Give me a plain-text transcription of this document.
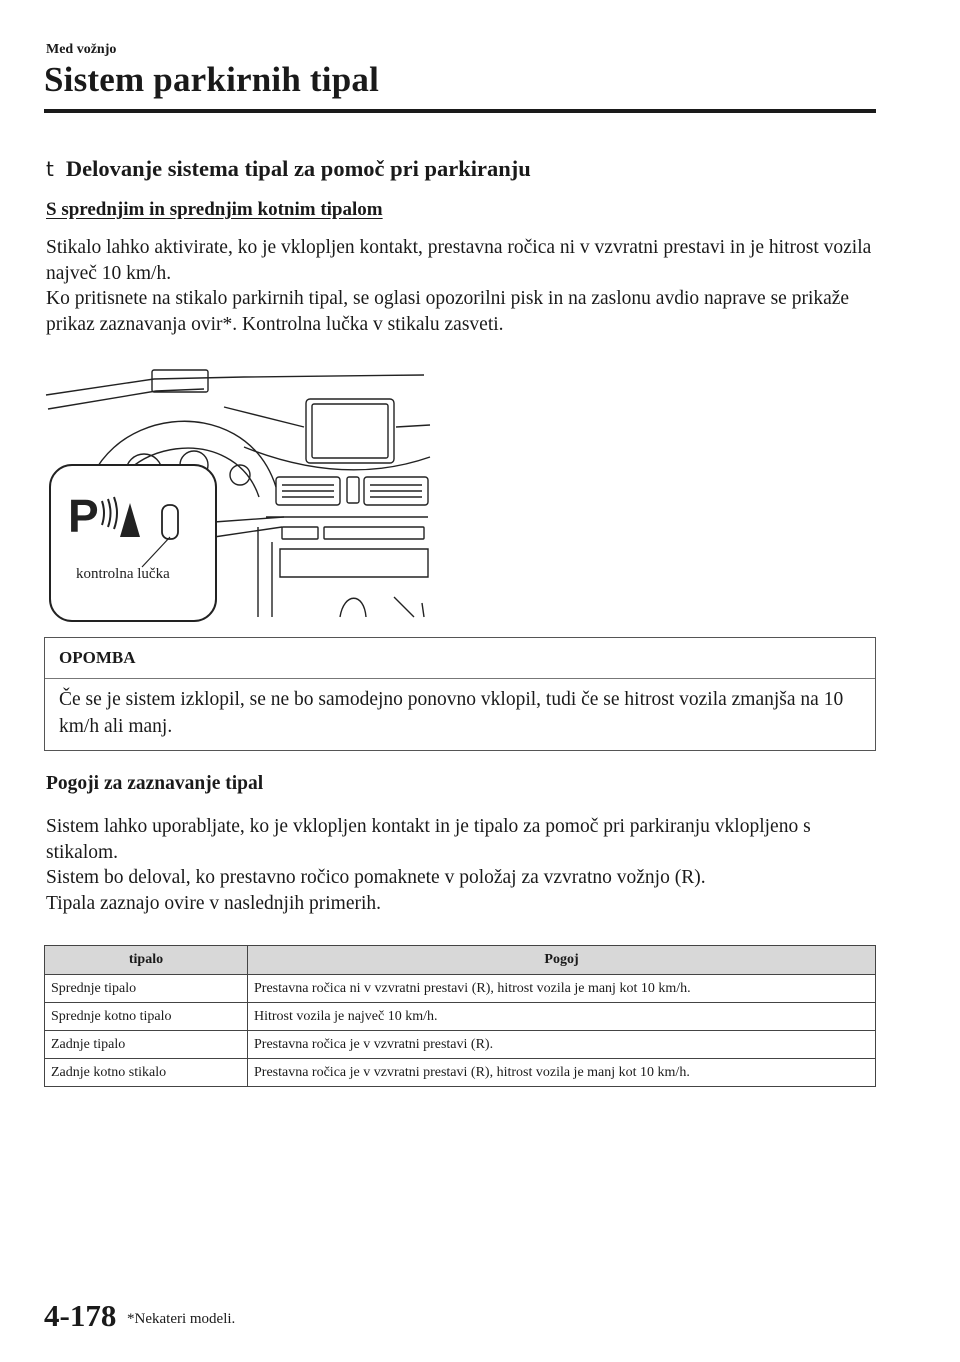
Med vožnjo
Sistem parkirnih tipal
t Delovanje sistema tipal za pomoč pri parkiranju
S sprednjim in sprednjim kotnim tipalom

Stikalo lahko aktivirate, ko je vklopljen kontakt, prestavna ročica ni v vzvratni prestavi in je hitrost vozila največ 10 km/h.

Ko pritisnete na stikalo parkirnih tipal, se oglasi opozorilni pisk in na zaslonu avdio naprave se prikaže prikaz zaznavanja ovir*. Kontrolna lučka v stikalu zasveti.

P
kontrolna lučka
OPOMBA
Če se je sistem izklopil, se ne bo samodejno ponovno vklopil, tudi če se hitrost vozila zmanjša na 10 km/h ali manj.
Pogoji za zaznavanje tipal

Sistem lahko uporabljate, ko je vklopljen kontakt in je tipalo za pomoč pri parkiranju vklopljeno s stikalom.

Sistem bo deloval, ko prestavno ročico pomaknete v položaj za vzvratno vožnjo (R).

Tipala zaznajo ovire v naslednjih primerih.

tipalo	Pogoj
Sprednje tipalo	Prestavna ročica ni v vzvratni prestavi (R), hitrost vozila je manj kot 10 km/h.
Sprednje kotno tipalo	Hitrost vozila je največ 10 km/h.
Zadnje tipalo	Prestavna ročica je v vzvratni prestavi (R).
Zadnje kotno stikalo	Prestavna ročica je v vzvratni prestavi (R), hitrost vozila je manj kot 10 km/h.
4-178 *Nekateri modeli.
